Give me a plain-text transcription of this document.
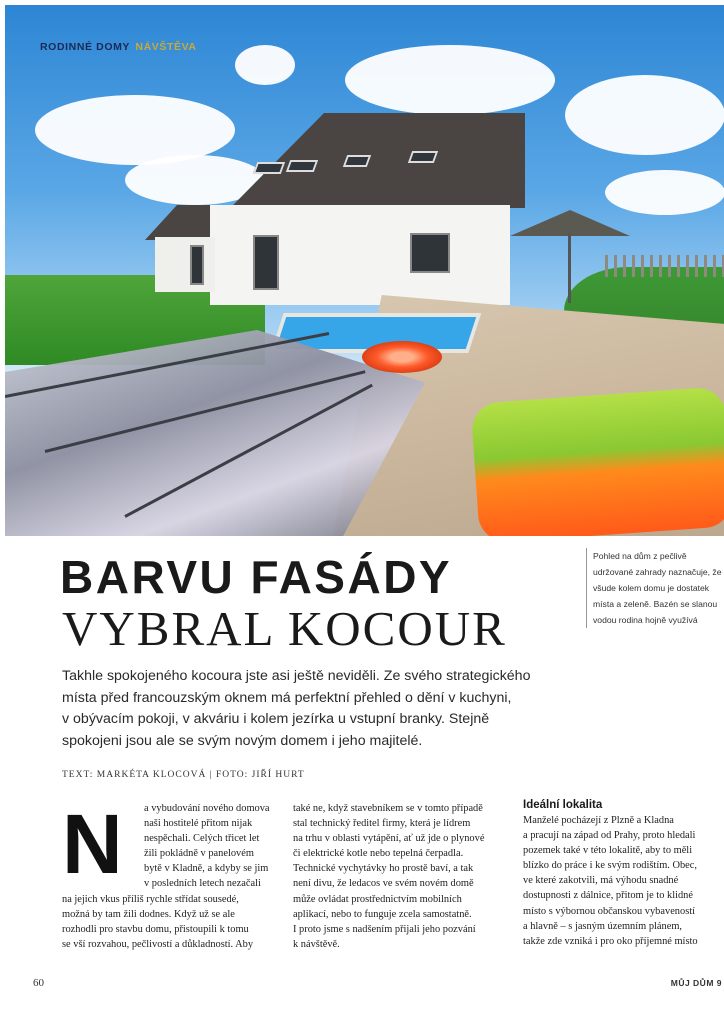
RODINNÉ DOMY NÁVŠTĚVA
BARVU FASÁDY
VYBRAL KOCOUR
Pohled na dům z pečlivě
udržované zahrady naznačuje, že
všude kolem domu je dostatek
místa a zeleně. Bazén se slanou
vodou rodina hojně využívá
Takhle spokojeného kocoura jste asi ještě neviděli. Ze svého strategického
místa před francouzským oknem má perfektní přehled o dění v kuchyni,
v obývacím pokoji, v akváriu i kolem jezírka u vstupní branky. Stejně
spokojeni jsou ale se svým novým domem i jeho majitelé.
TEXT: MARKÉTA KLOCOVÁ | FOTO: JIŘÍ HURT
N	a vybudování nového domova
naši hostitelé přitom nijak
nespěchali. Celých třicet let
žili pokládně v panelovém
bytě v Kladně, a kdyby se jim
v posledních letech nezačali
na jejich vkus příliš rychle střídat sousedé,
možná by tam žili dodnes. Když už se ale
rozhodli pro stavbu domu, přistoupili k tomu
se vší rozvahou, pečlivostí a důkladností. Aby
také ne, když stavebníkem se v tomto případě
stal technický ředitel firmy, která je lídrem
na trhu v oblasti vytápění, ať už jde o plynové
či elektrické kotle nebo tepelná čerpadla.
Technické vychytávky ho prostě baví, a tak
není divu, že ledacos ve svém novém domě
může ovládat prostřednictvím mobilních
aplikací, nebo to funguje zcela samostatně.
I proto jsme s nadšením přijali jeho pozvání
k návštěvě.
Ideální lokalita
Manželé pocházejí z Plzně a Kladna
a pracují na západ od Prahy, proto hledali
pozemek také v této lokalitě, aby to měli
blízko do práce i ke svým rodištím. Obec,
ve které zakotvili, má výhodu snadné
dostupnosti z dálnice, přitom je to klidné
místo s výbornou občanskou vybaveností
a hlavně – s jasným územním plánem,
takže zde vzniká i pro oko příjemné místo
60	MŮJ DŮM 9
